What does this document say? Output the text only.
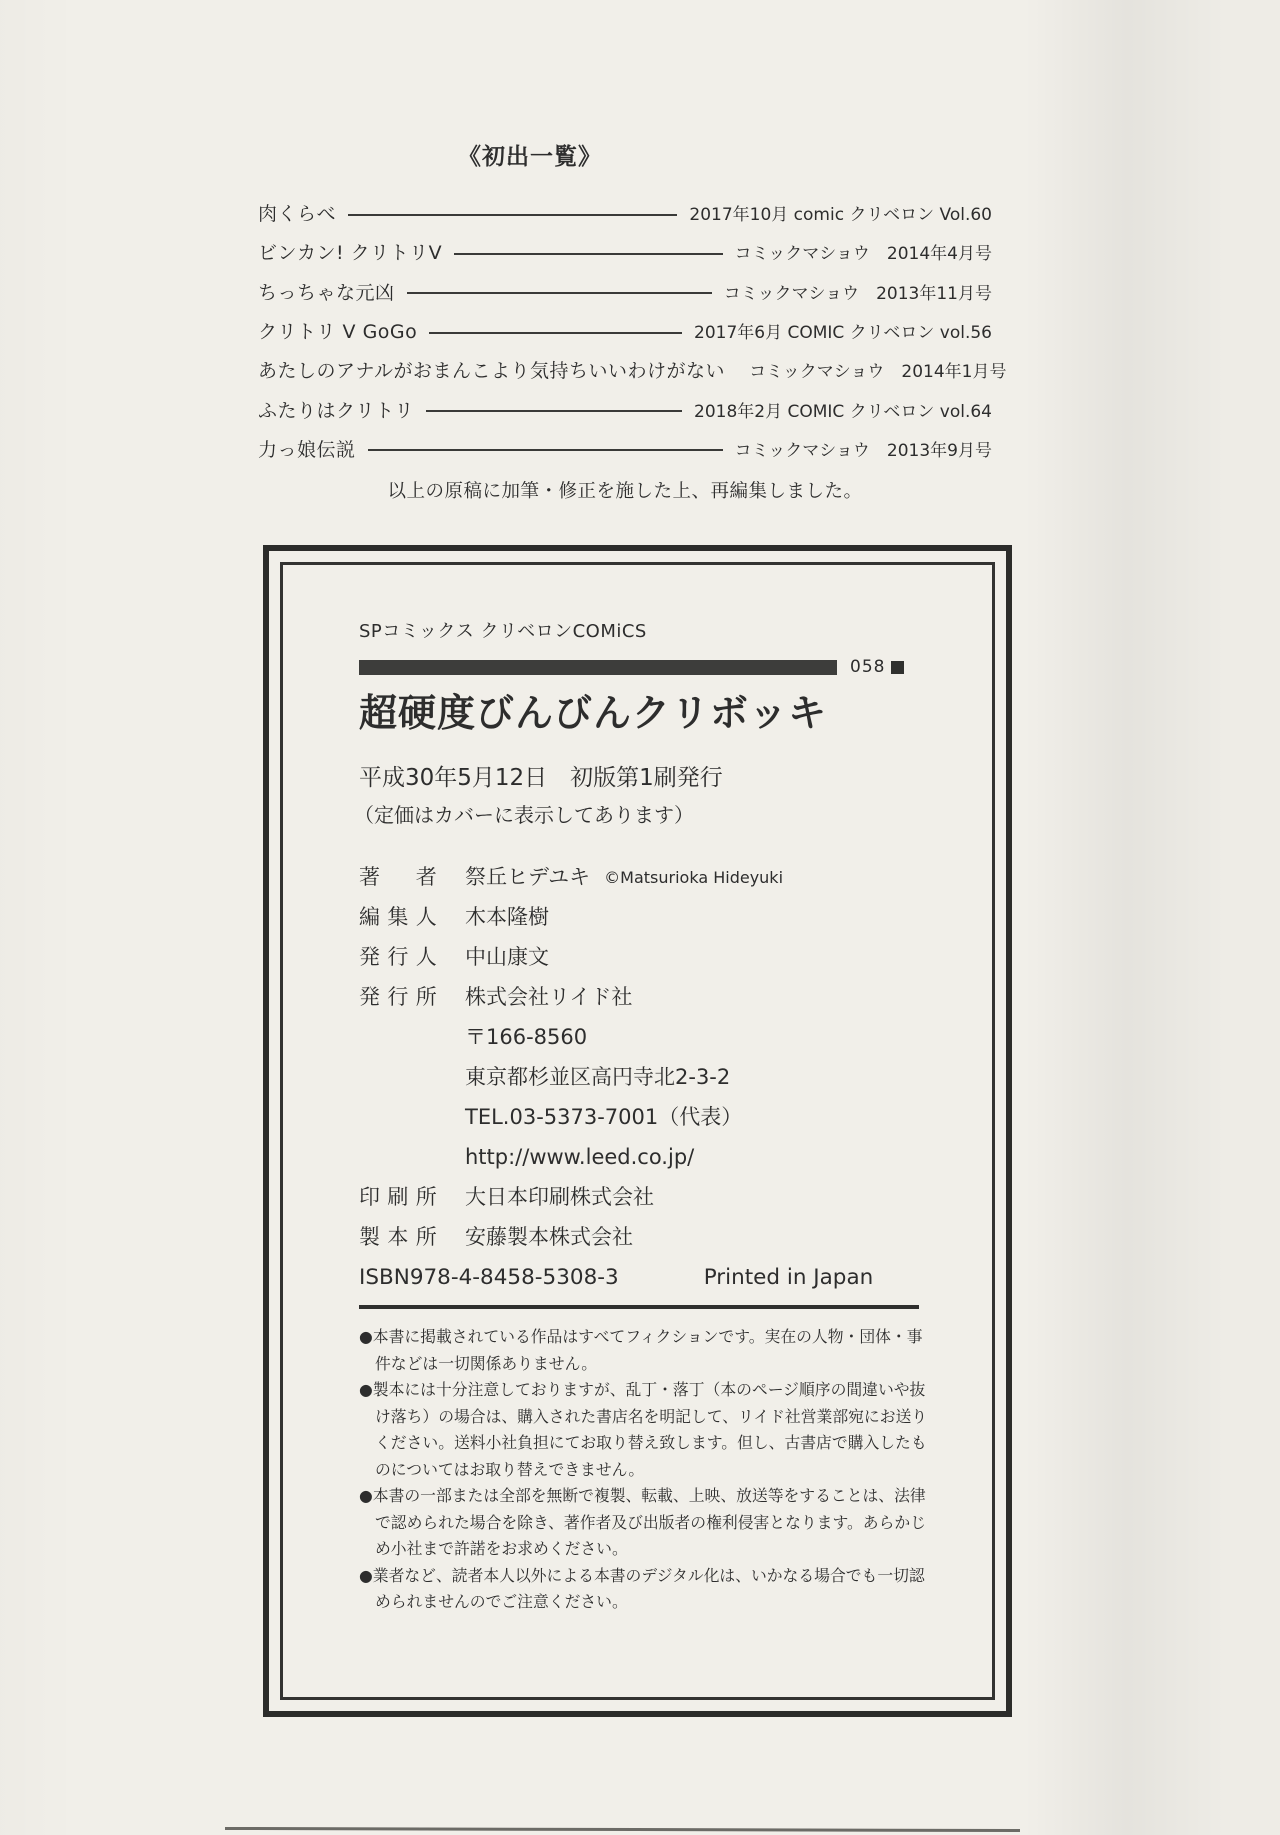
《初出一覧》
肉くらべ	2017年10月 comic クリベロン Vol.60
ビンカン! クリトリV	コミックマショウ　2014年4月号
ちっちゃな元凶	コミックマショウ　2013年11月号
クリトリ V GoGo	2017年6月 COMIC クリベロン vol.56
あたしのアナルがおまんこより気持ちいいわけがない コミックマショウ　2014年1月号
ふたりはクリトリ	2018年2月 COMIC クリベロン vol.64
力っ娘伝説	コミックマショウ　2013年9月号
以上の原稿に加筆・修正を施した上、再編集しました。
SPコミックス クリベロンCOMiCS
058
超硬度びんびんクリボッキ
平成30年5月12日　初版第1刷発行
（定価はカバーに表示してあります）
著　者 祭丘ヒデユキ ©Matsurioka Hideyuki
編集人 木本隆樹
発行人 中山康文
発行所 株式会社リイド社
〒166-8560
東京都杉並区高円寺北2-3-2
TEL.03-5373-7001（代表）
http://www.leed.co.jp/
印刷所 大日本印刷株式会社
製本所 安藤製本株式会社
ISBN978-4-8458-5308-3	Printed in Japan
●本書に掲載されている作品はすべてフィクションです。実在の人物・団体・事件などは一切関係ありません。
●製本には十分注意しておりますが、乱丁・落丁（本のページ順序の間違いや抜け落ち）の場合は、購入された書店名を明記して、リイド社営業部宛にお送りください。送料小社負担にてお取り替え致します。但し、古書店で購入したものについてはお取り替えできません。
●本書の一部または全部を無断で複製、転載、上映、放送等をすることは、法律で認められた場合を除き、著作者及び出版者の権利侵害となります。あらかじめ小社まで許諾をお求めください。
●業者など、読者本人以外による本書のデジタル化は、いかなる場合でも一切認められませんのでご注意ください。
